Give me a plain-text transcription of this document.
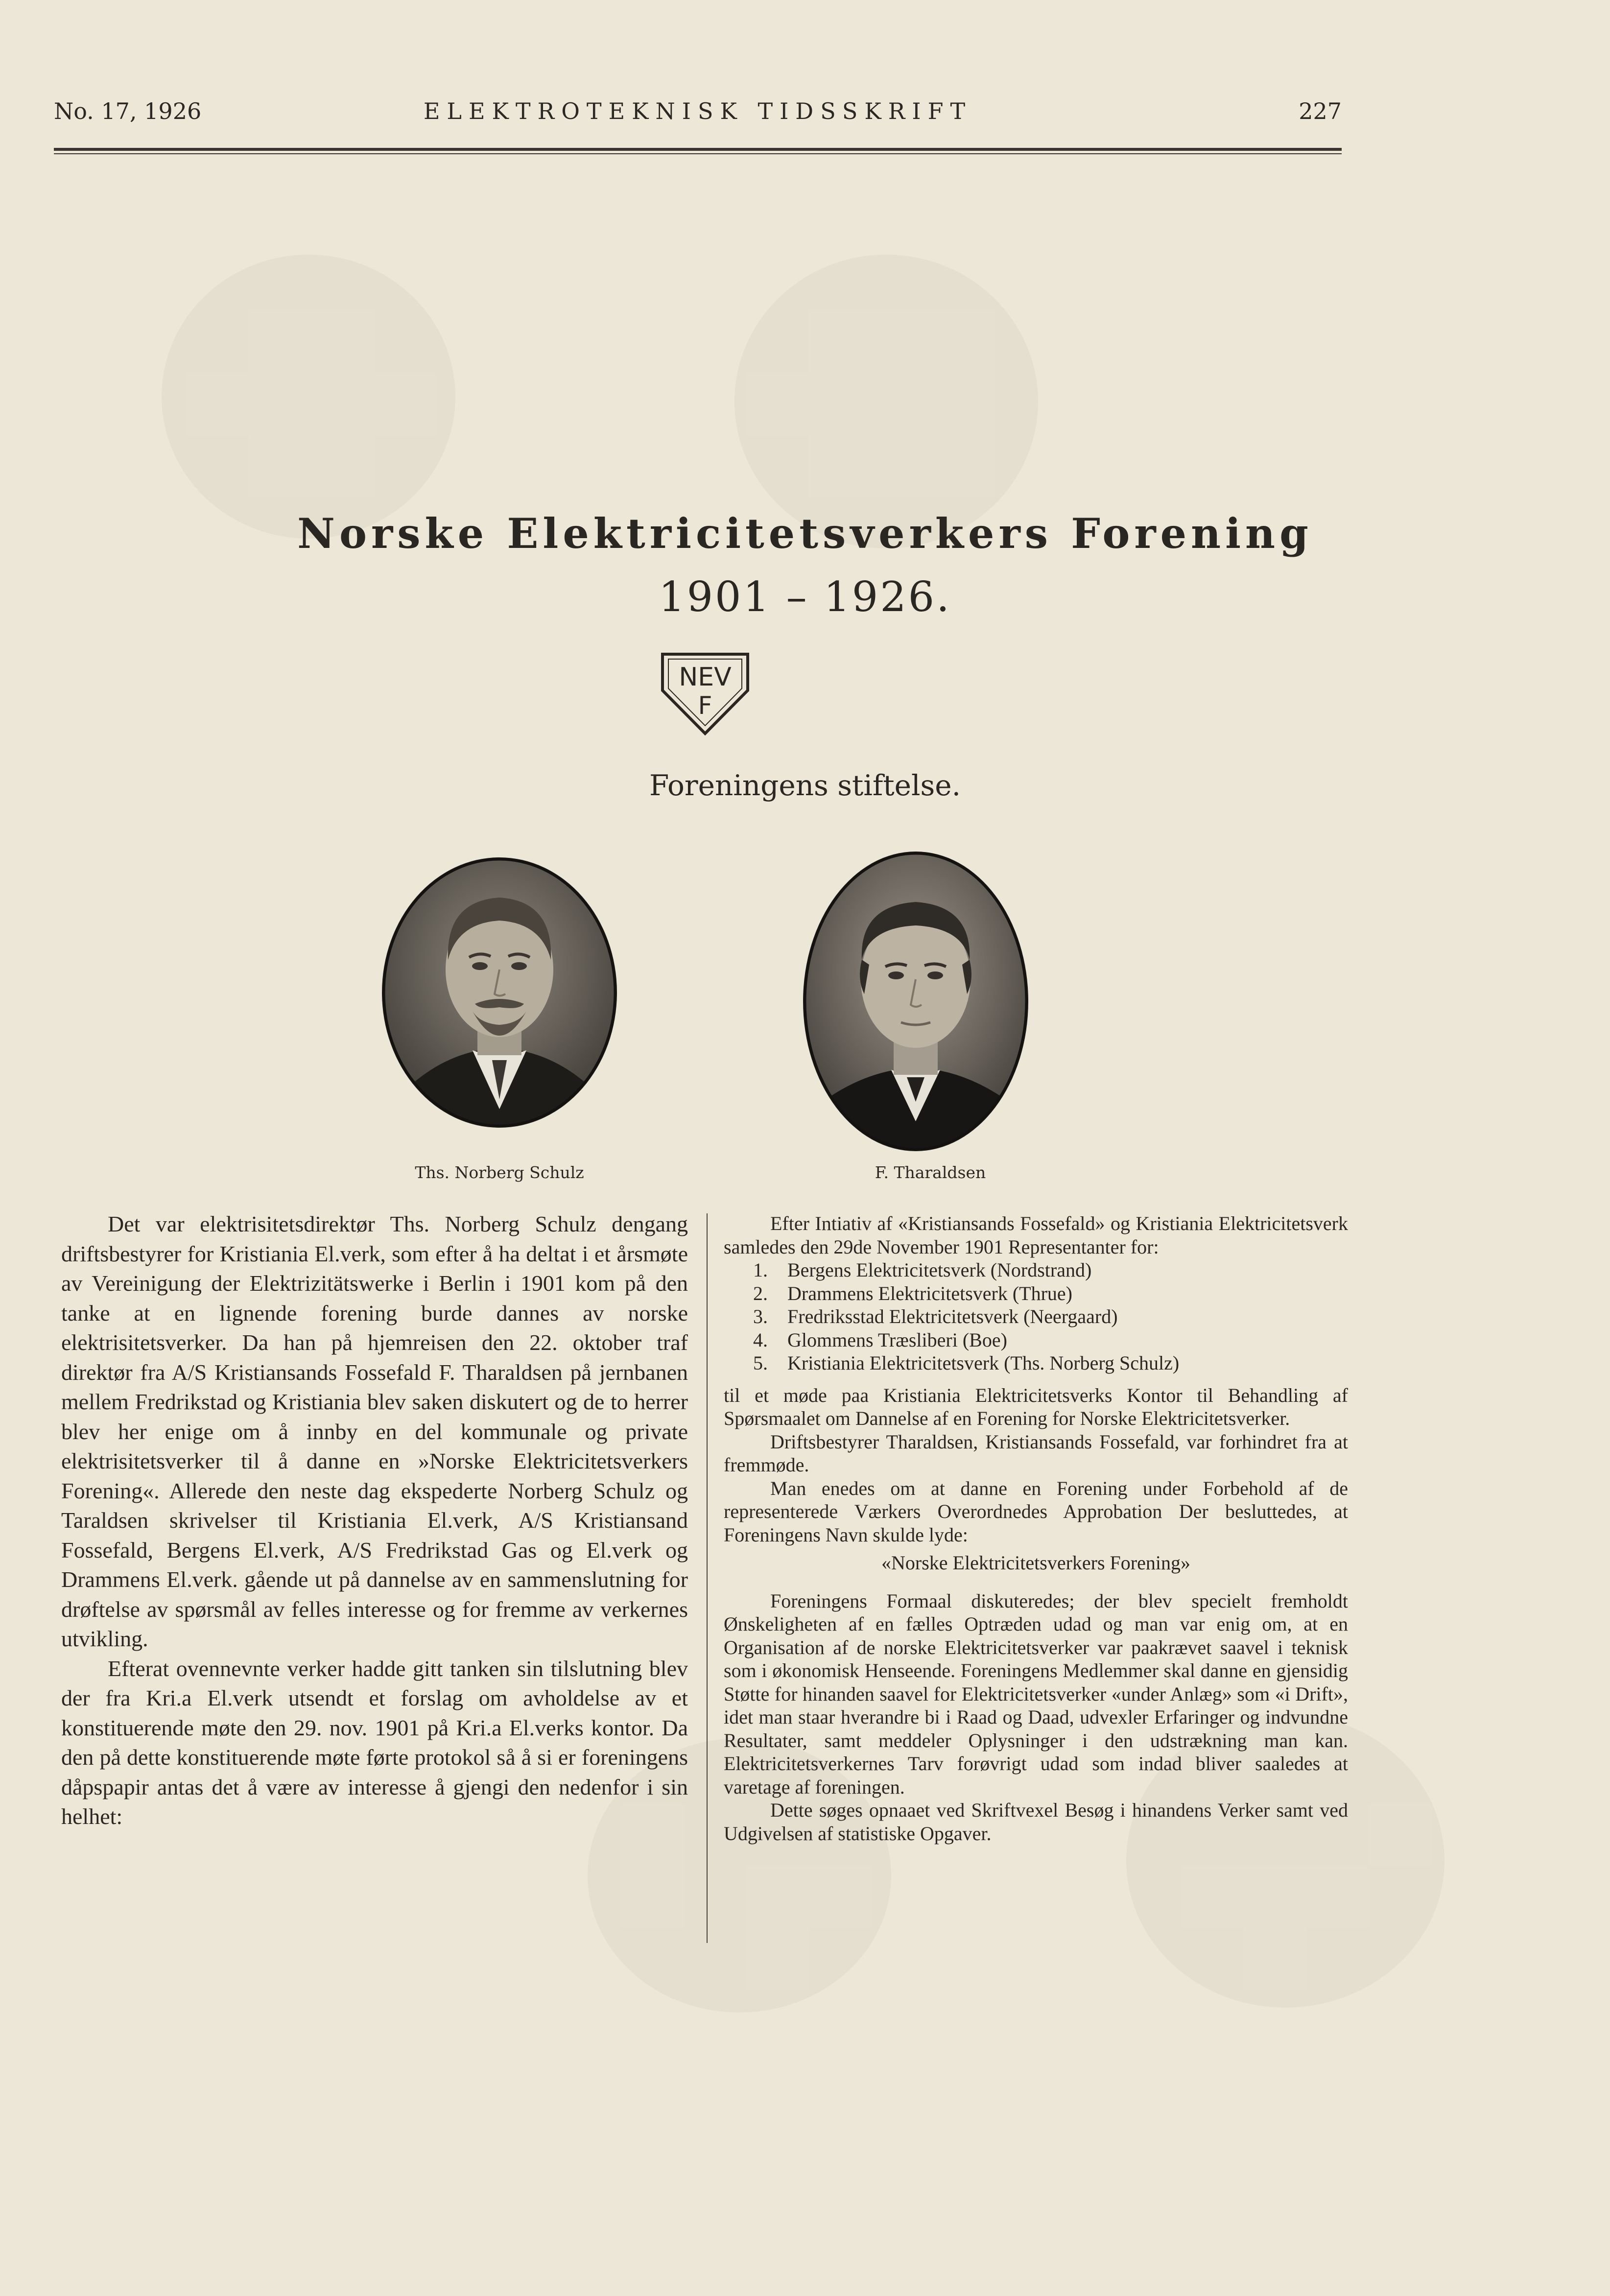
No. 17, 1926	ELEKTROTEKNISK TIDSSKRIFT	227
Norske Elektricitetsverkers Forening
1901 – 1926.
NEV
F
Foreningens stiftelse.
Ths. Norberg Schulz	F. Tharaldsen

Det var elektrisitetsdirektør Ths. Norberg Schulz dengang driftsbestyrer for Kristiania El.verk, som efter å ha deltat i et årsmøte av Vereinigung der Elektrizitätswerke i Berlin i 1901 kom på den tanke at en lignende forening burde dannes av norske elektrisitetsverker. Da han på hjemreisen den 22. oktober traf direktør fra A/S Kristiansands Fossefald F. Tharaldsen på jernbanen mellem Fredrikstad og Kristiania blev saken diskutert og de to herrer blev her enige om å innby en del kommunale og private elektrisitetsverker til å danne en »Norske Elektricitetsverkers Forening«. Allerede den neste dag ekspederte Norberg Schulz og Taraldsen skrivelser til Kristiania El.verk, A/S Kristiansand Fossefald, Bergens El.verk, A/S Fredrikstad Gas og El.verk og Drammens El.verk. gående ut på dannelse av en sammenslutning for drøftelse av spørsmål av felles interesse og for fremme av verkernes utvikling.

Efterat ovennevnte verker hadde gitt tanken sin tilslutning blev der fra Kri.a El.verk utsendt et forslag om avholdelse av et konstituerende møte den 29. nov. 1901 på Kri.a El.verks kontor. Da den på dette konstituerende møte førte protokol så å si er foreningens dåpspapir antas det å være av interesse å gjengi den nedenfor i sin helhet:

Efter Intiativ af «Kristiansands Fossefald» og Kristiania Elektricitetsverk samledes den 29de November 1901 Representanter for:

1. Bergens Elektricitetsverk (Nordstrand)
2. Drammens Elektricitetsverk (Thrue)
3. Fredriksstad Elektricitetsverk (Neergaard)
4. Glommens Træsliberi (Boe)
5. Kristiania Elektricitetsverk (Ths. Norberg Schulz)

til et møde paa Kristiania Elektricitetsverks Kontor til Behandling af Spørsmaalet om Dannelse af en Forening for Norske Elektricitetsverker.

Driftsbestyrer Tharaldsen, Kristiansands Fossefald, var forhindret fra at fremmøde.

Man enedes om at danne en Forening under Forbehold af de representerede Værkers Overordnedes Approbation Der besluttedes, at Foreningens Navn skulde lyde:

«Norske Elektricitetsverkers Forening»

Foreningens Formaal diskuteredes; der blev specielt fremholdt Ønskeligheten af en fælles Optræden udad og man var enig om, at en Organisation af de norske Elektricitetsverker var paakrævet saavel i teknisk som i økonomisk Henseende. Foreningens Medlemmer skal danne en gjensidig Støtte for hinanden saavel for Elektricitetsverker «under Anlæg» som «i Drift», idet man staar hverandre bi i Raad og Daad, udvexler Erfaringer og indvundne Resultater, samt meddeler Oplysninger i den udstrækning man kan. Elektricitetsverkernes Tarv forøvrigt udad som indad bliver saaledes at varetage af foreningen.

Dette søges opnaaet ved Skriftvexel Besøg i hinandens Verker samt ved Udgivelsen af statistiske Opgaver.
